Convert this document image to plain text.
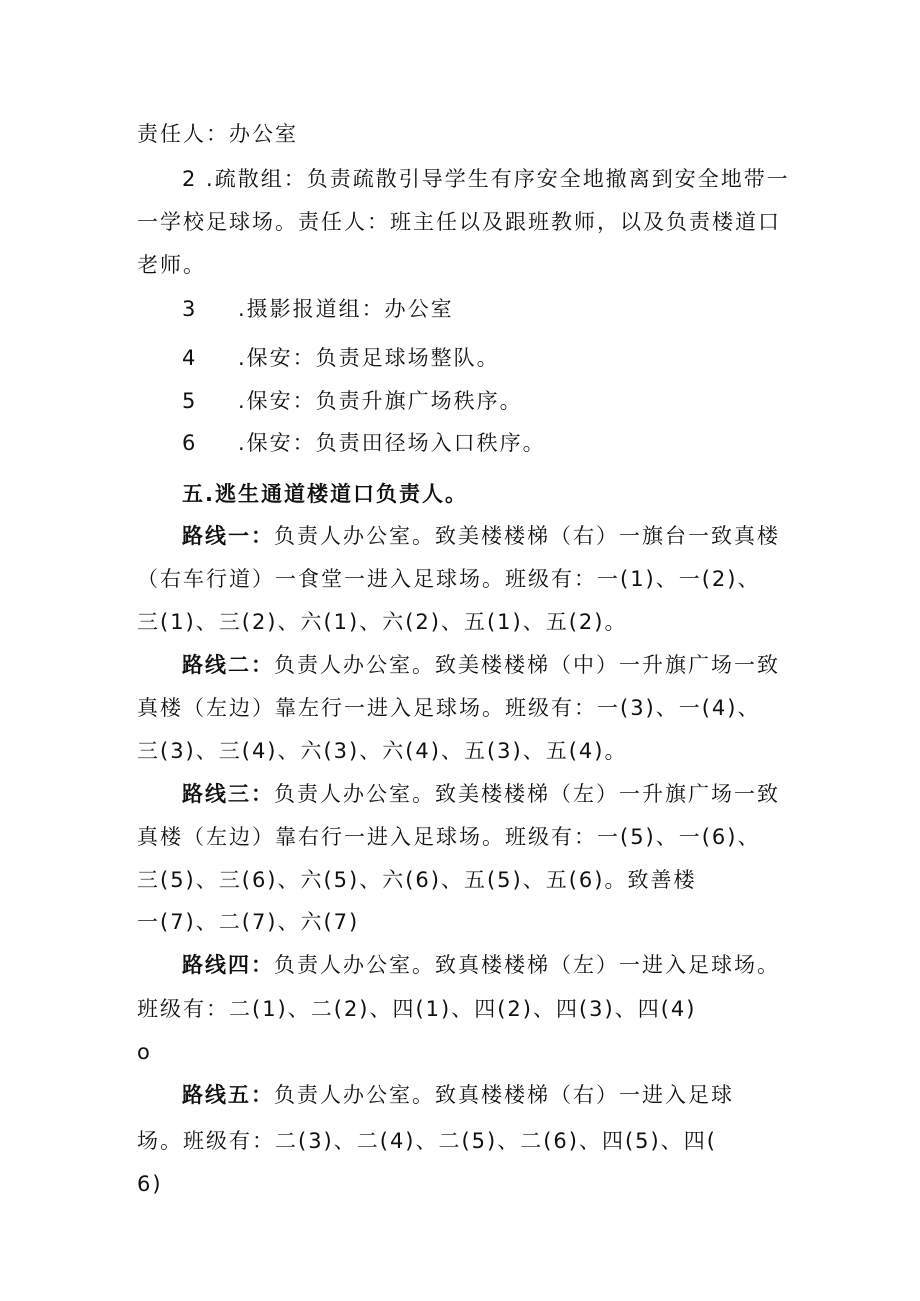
责任人：办公室
2 .疏散组：负责疏散引导学生有序安全地撤离到安全地带一
一学校足球场。责任人：班主任以及跟班教师，以及负责楼道口
老师。
3 .摄影报道组：办公室
4 .保安：负责足球场整队。
5 .保安：负责升旗广场秩序。
6 .保安：负责田径场入口秩序。
五.逃生通道楼道口负责人。
路线一：负责人办公室。致美楼楼梯（右）一旗台一致真楼
（右车行道）一食堂一进入足球场。班级有：一(1)、一(2)、
三(1)、三(2)、六(1)、六(2)、五(1)、五(2)。
路线二：负责人办公室。致美楼楼梯（中）一升旗广场一致
真楼（左边）靠左行一进入足球场。班级有：一(3)、一(4)、
三(3)、三(4)、六(3)、六(4)、五(3)、五(4)。
路线三：负责人办公室。致美楼楼梯（左）一升旗广场一致
真楼（左边）靠右行一进入足球场。班级有：一(5)、一(6)、
三(5)、三(6)、六(5)、六(6)、五(5)、五(6)。致善楼
一(7)、二(7)、六(7)
路线四：负责人办公室。致真楼楼梯（左）一进入足球场。
班级有：二(1)、二(2)、四(1)、四(2)、四(3)、四(4)
o
路线五：负责人办公室。致真楼楼梯（右）一进入足球
场。班级有：二(3)、二(4)、二(5)、二(6)、四(5)、四(
6)
